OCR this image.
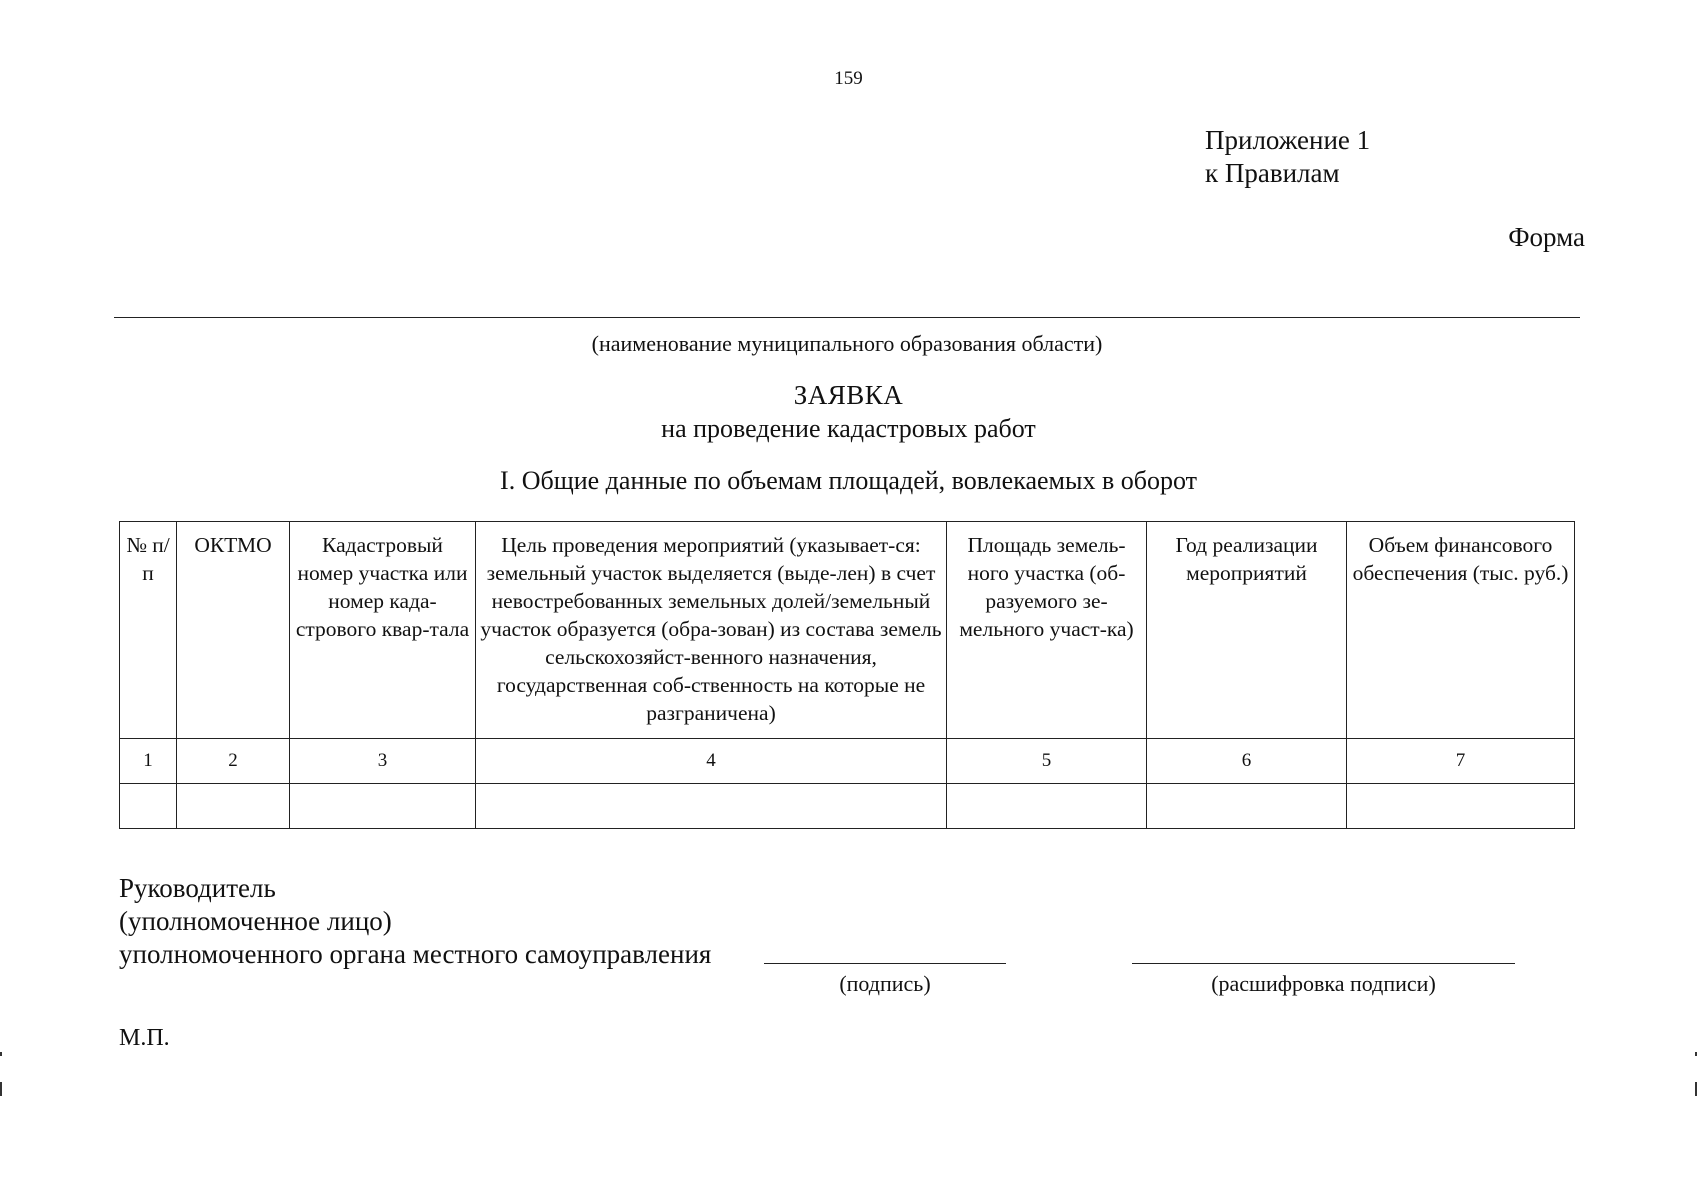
159
Приложение 1
к Правилам
Форма
(наименование муниципального образования области)
ЗАЯВКА
на проведение кадастровых работ
I. Общие данные по объемам площадей, вовлекаемых в оборот
№ п/п	ОКТМО	Кадастровый номер участка или номер када-стрового квар-тала	Цель проведения мероприятий (указывает-ся: земельный участок выделяется (выде-лен) в счет невостребованных земельных долей/земельный участок образуется (обра-зован) из состава земель сельскохозяйст-венного назначения, государственная соб-ственность на которые не разграничена)	Площадь земель-ного участка (об-разуемого зе-мельного участ-ка)	Год реализации мероприятий	Объем финансового обеспечения (тыс. руб.)
1	2	3	4	5	6	7

Руководитель
(уполномоченное лицо)
уполномоченного органа местного самоуправления
(подпись)	(расшифровка подписи)
М.П.
